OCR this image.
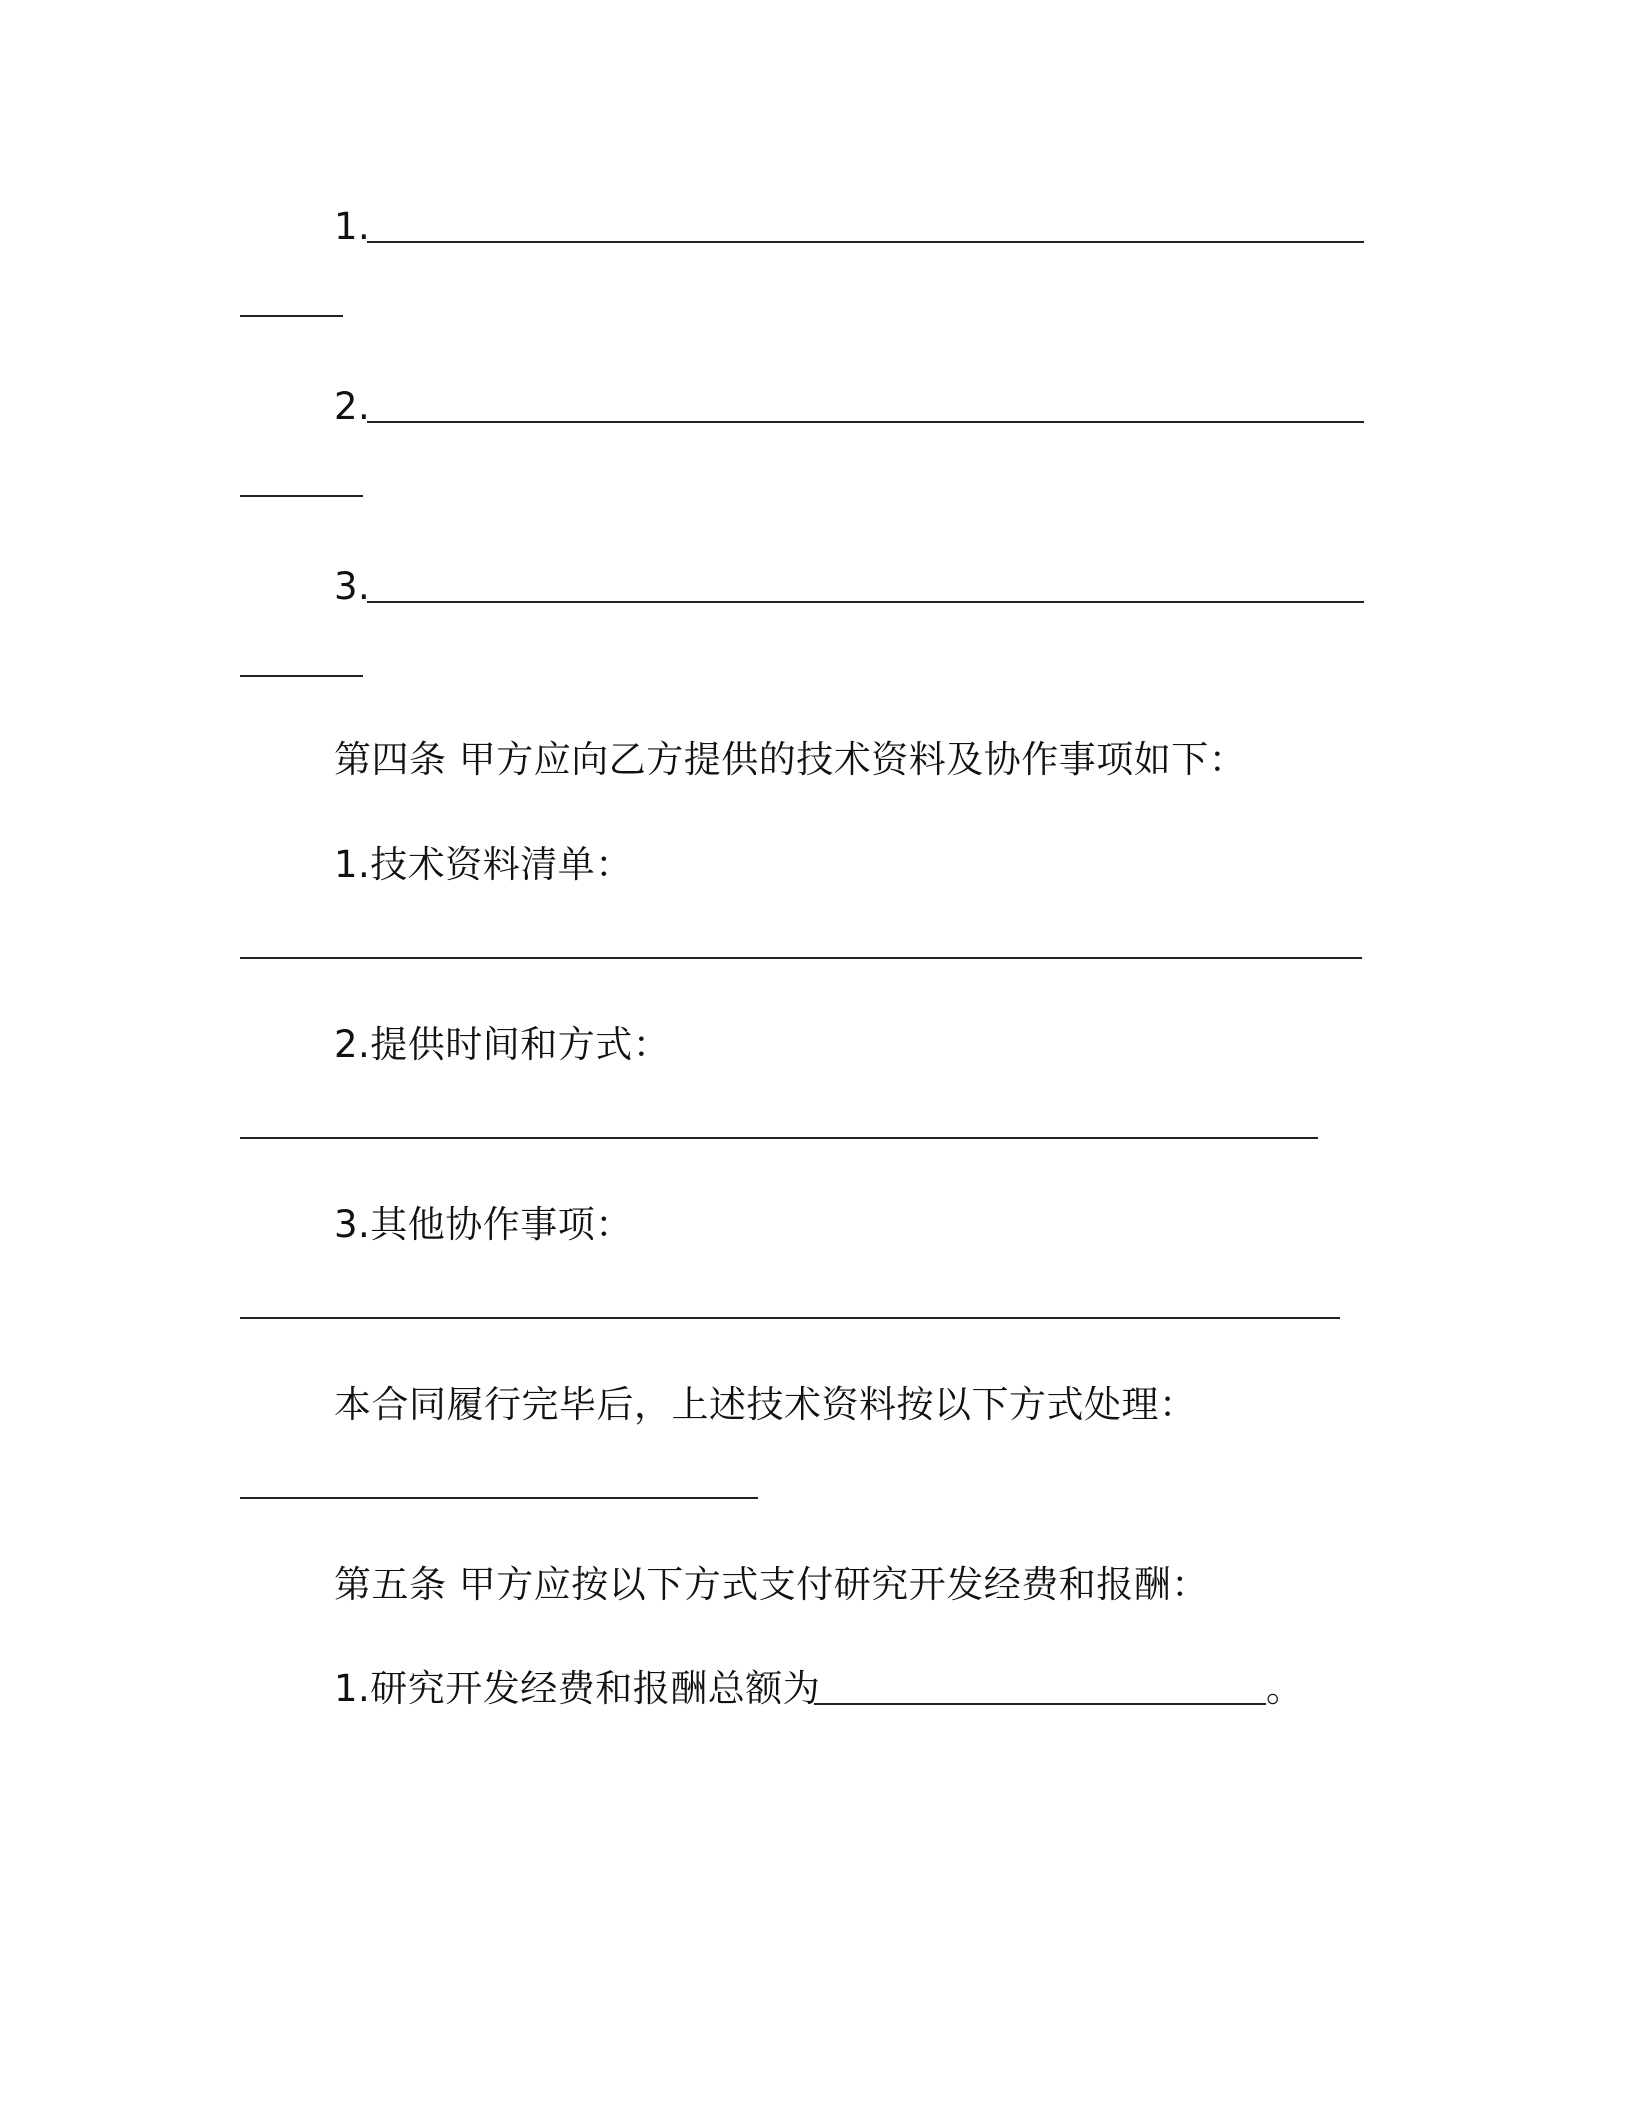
1.
2.
3.
第四条 甲方应向乙方提供的技术资料及协作事项如下：
1.技术资料清单：
2.提供时间和方式：
3.其他协作事项：
本合同履行完毕后，上述技术资料按以下方式处理：
第五条 甲方应按以下方式支付研究开发经费和报酬：
1.研究开发经费和报酬总额为	。
